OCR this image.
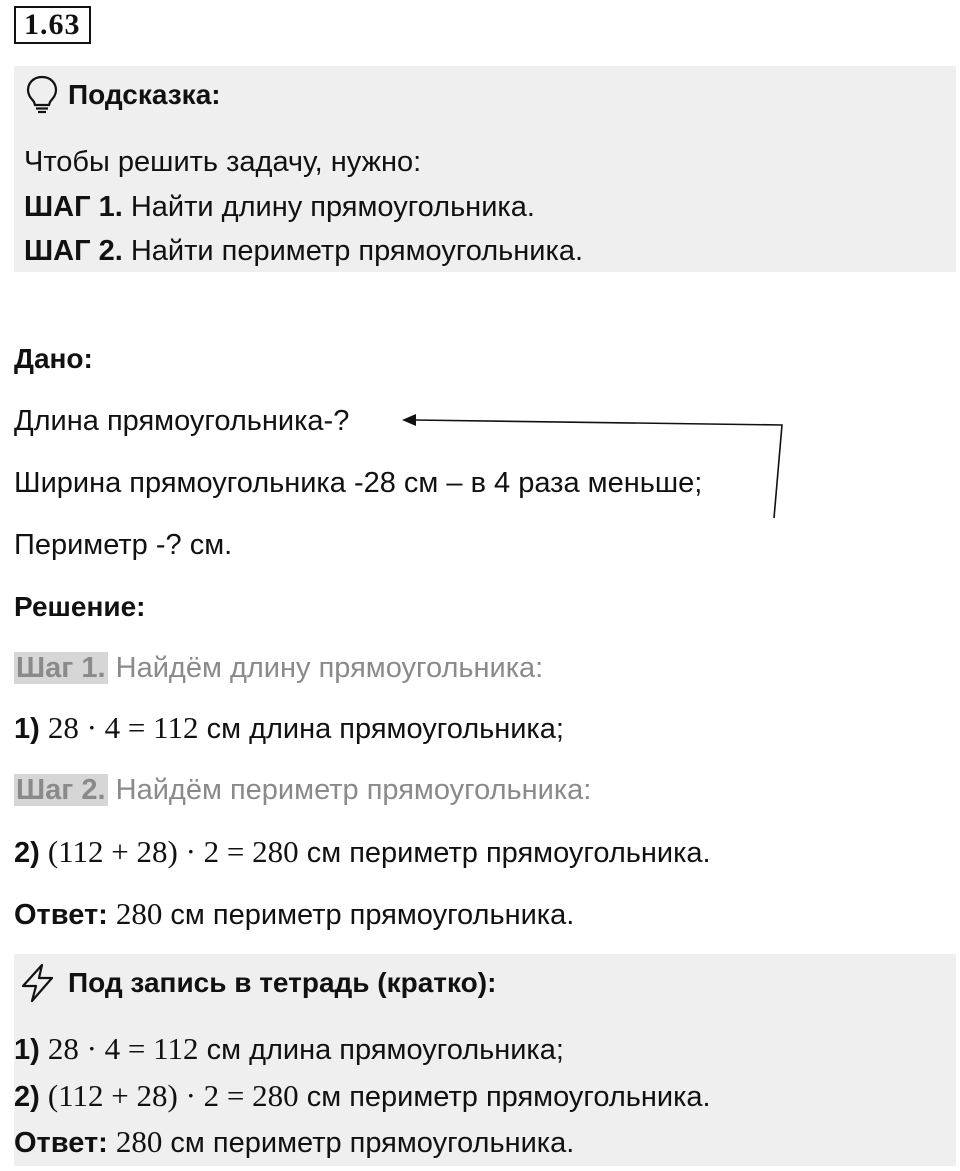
1.63
Подсказка:
Чтобы решить задачу, нужно:
ШАГ 1. Найти длину прямоугольника.
ШАГ 2. Найти периметр прямоугольника.
Дано:
Длина прямоугольника-?
Ширина прямоугольника -28 см – в 4 раза меньше;
Периметр -? см.
Решение:
Шаг 1. Найдём длину прямоугольника:
1) 28 · 4 = 112 см длина прямоугольника;
Шаг 2. Найдём периметр прямоугольника:
2) (112 + 28) · 2 = 280 см периметр прямоугольника.
Ответ: 280 см периметр прямоугольника.
Под запись в тетрадь (кратко):
1) 28 · 4 = 112 см длина прямоугольника;
2) (112 + 28) · 2 = 280 см периметр прямоугольника.
Ответ: 280 см периметр прямоугольника.
